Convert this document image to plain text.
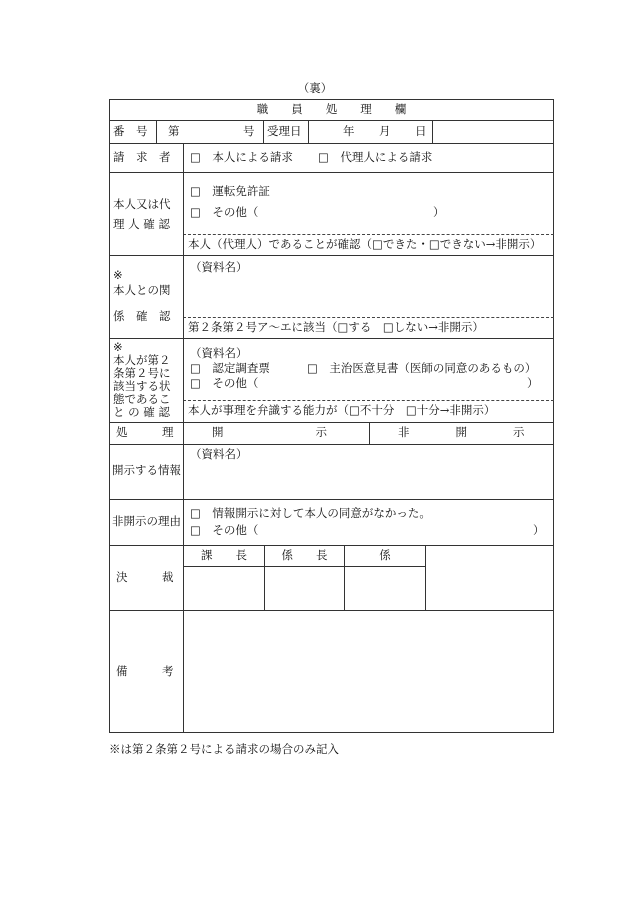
（裏）
職　　員　　処　　理　　欄
番　号 第	号 受理日	年 月 日
請　求　者 □　本人による請求 □　代理人による請求
本人又は代
理 人 確 認
□　運転免許証
□　その他（	）
本人（代理人）であることが確認（□できた・□できない→非開示）
※
本人との関
係　確　認
（資料名）
第２条第２号ア～エに該当（□する　□しない→非開示）
※
本人が第２
条第２号に
該当する状
態であるこ
と の 確 認
（資料名）
□　認定調査票	□　主治医意見書（医師の同意のあるもの）
□　その他（	）
本人が事理を弁識する能力が（□不十分　□十分→非開示）
処　　　理	開　　　　　　　　示	非　　　　開　　　　示
開示する情報
（資料名）
非開示の理由
□　情報開示に対して本人の同意がなかった。
□　その他（	）
決　　　裁
課　　長	係　　長	係
備　　　考
※は第２条第２号による請求の場合のみ記入
